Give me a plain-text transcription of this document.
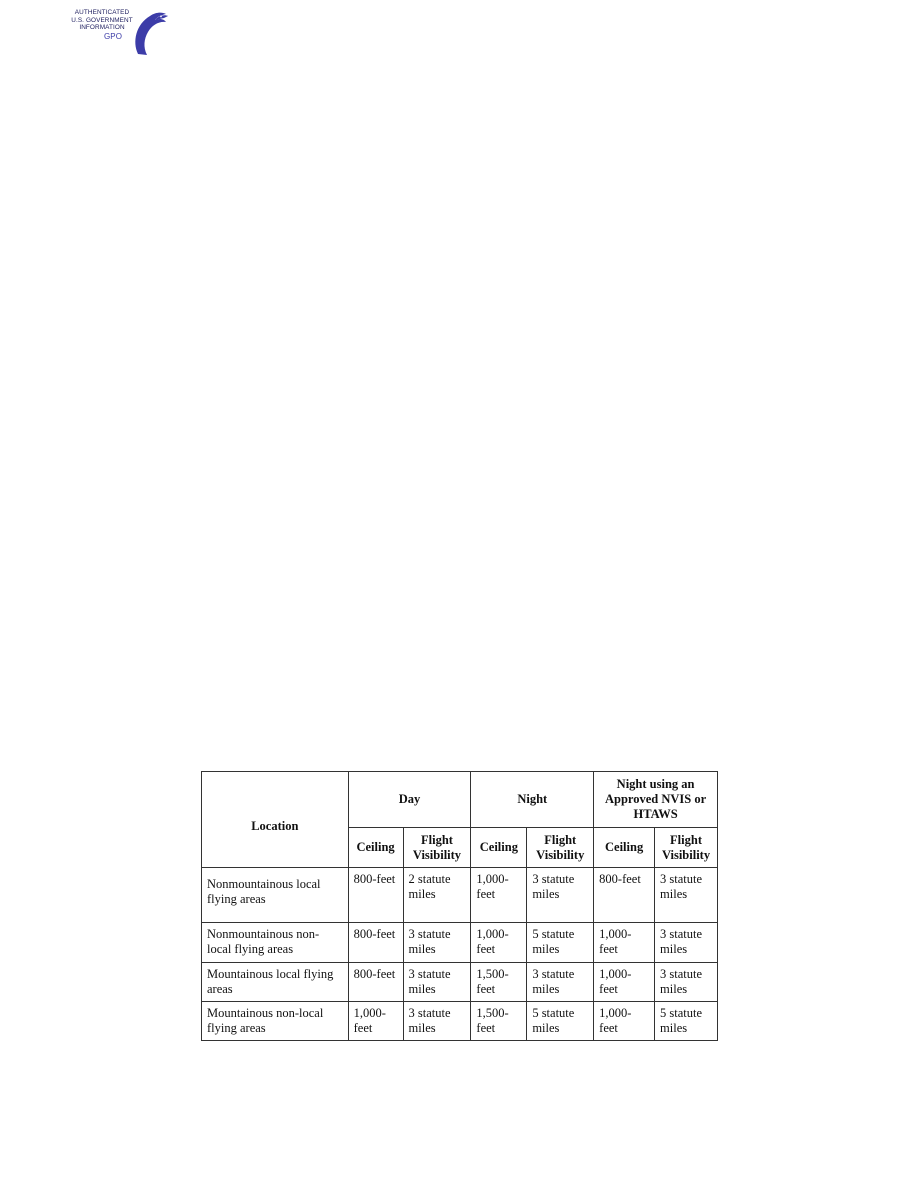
AUTHENTICATED
U.S. GOVERNMENT
INFORMATION
GPO
Location	Day		Night		Night using an Approved NVIS or HTAWS	
	Ceiling	Flight Visibility	Ceiling	Flight Visibility	Ceiling	Flight Visibility

Nonmountainous local flying areas	800-feet	2 statute miles	1,000-feet	3 statute miles	800-feet	3 statute miles

Nonmountainous non-local flying areas	800-feet	3 statute miles	1,000-feet	5 statute miles	1,000-feet	3 statute miles

Mountainous local flying areas	800-feet	3 statute miles	1,500-feet	3 statute miles	1,000-feet	3 statute miles

Mountainous non-local flying areas	1,000-feet	3 statute miles	1,500-feet	5 statute miles	1,000-feet	5 statute miles
